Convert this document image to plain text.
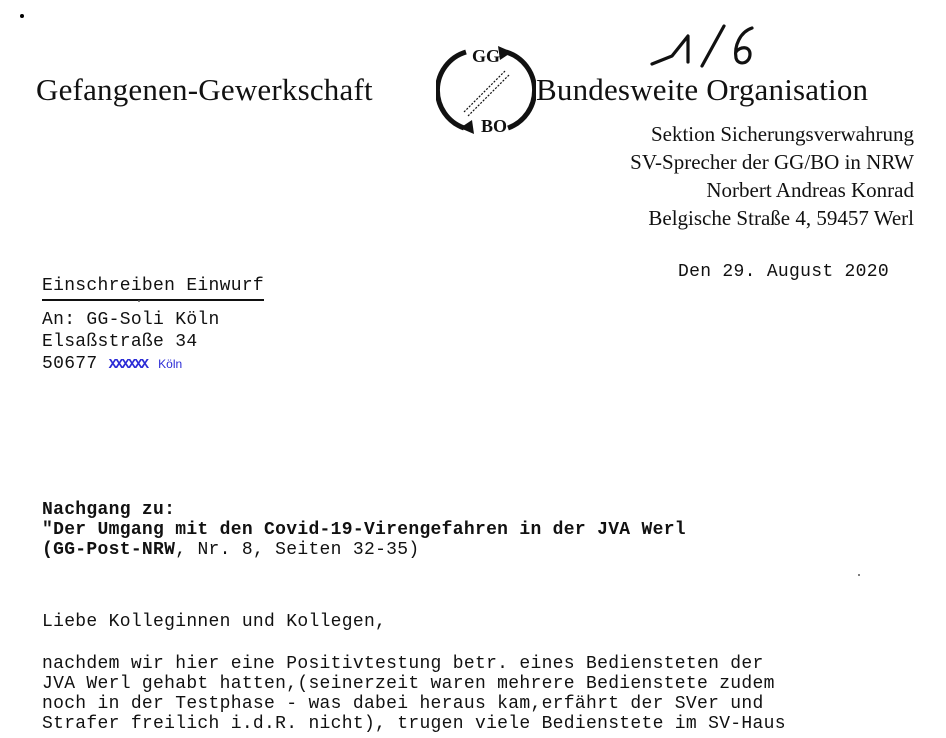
Gefangenen-Gewerkschaft
GG
BO
Bundesweite Organisation
Sektion Sicherungsverwahrung
SV-Sprecher der GG/BO in NRW
Norbert Andreas Konrad
Belgische Straße 4, 59457 Werl
Den 29. August 2020
Einschreiben Einwurf
An: GG-Soli Köln
Elsaßstraße 34
50677 XXXXXX Köln
Nachgang zu:
"Der Umgang mit den Covid-19-Virengefahren in der JVA Werl
(GG-Post-NRW, Nr. 8, Seiten 32-35)
Liebe Kolleginnen und Kollegen,
nachdem wir hier eine Positivtestung betr. eines Bediensteten der
JVA Werl gehabt hatten,(seinerzeit waren mehrere Bedienstete zudem
noch in der Testphase - was dabei heraus kam,erfährt der SVer und
Strafer freilich i.d.R. nicht), trugen viele Bedienstete im SV-Haus
